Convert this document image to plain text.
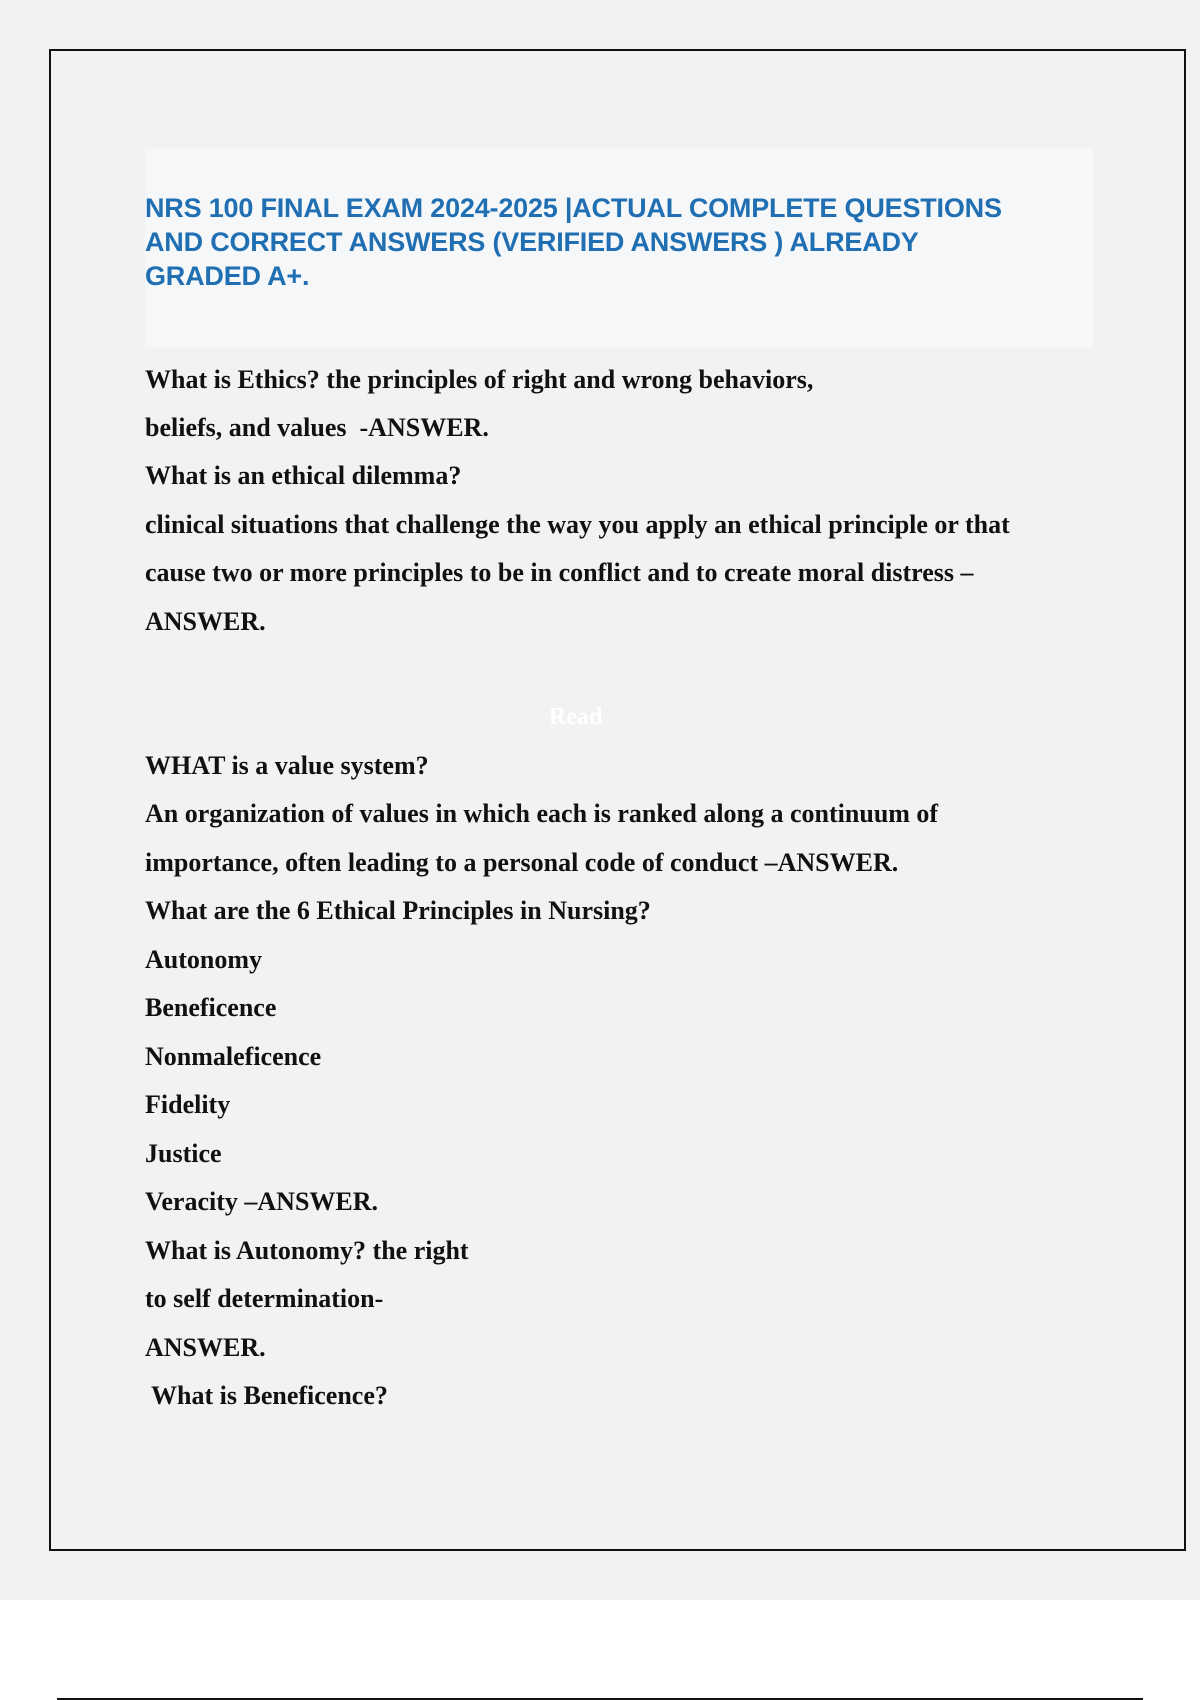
NRS 100 FINAL EXAM 2024-2025 |ACTUAL COMPLETE QUESTIONS
AND CORRECT ANSWERS (VERIFIED ANSWERS ) ALREADY
GRADED A+.
What is Ethics? the principles of right and wrong behaviors,
beliefs, and values  -ANSWER.
What is an ethical dilemma?
clinical situations that challenge the way you apply an ethical principle or that
cause two or more principles to be in conflict and to create moral distress –
ANSWER.
WHAT is a value system?
An organization of values in which each is ranked along a continuum of
importance, often leading to a personal code of conduct –ANSWER.
What are the 6 Ethical Principles in Nursing?
Autonomy
Beneficence
Nonmaleficence
Fidelity
Justice
Veracity –ANSWER.
What is Autonomy? the right
to self determination-
ANSWER.
What is Beneficence?
Read
